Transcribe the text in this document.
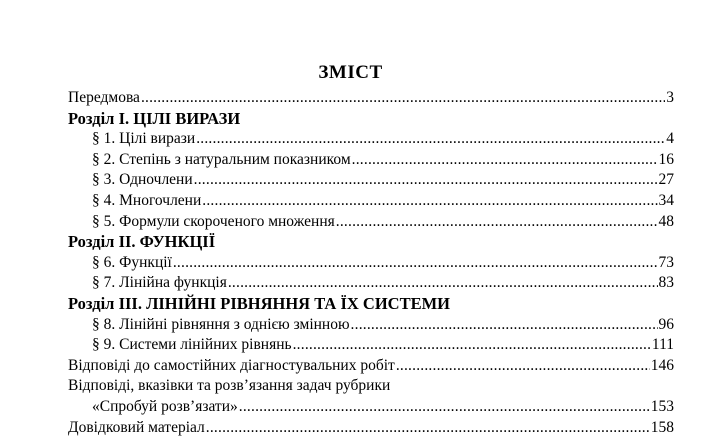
ЗМІСТ
Передмова .....	3
Розділ І. ЦІЛІ ВИРАЗИ
§ 1. Цілі вирази .....	4
§ 2. Степінь з натуральним показником .....	16
§ 3. Одночлени .....	27
§ 4. Многочлени .....	34
§ 5. Формули скороченого множення .....	48
Розділ ІІ. ФУНКЦІЇ
§ 6. Функції .....	73
§ 7. Лінійна функція .....	83
Розділ ІІІ. ЛІНІЙНІ РІВНЯННЯ ТА ЇХ СИСТЕМИ
§ 8. Лінійні рівняння з однією змінною .....	96
§ 9. Системи лінійних рівнянь .....	111
Відповіді до самостійних діагностувальних робіт .....	146
Відповіді, вказівки та розв’язання задач рубрики
«Спробуй розв’язати» .....	153
Довідковий матеріал .....	158
